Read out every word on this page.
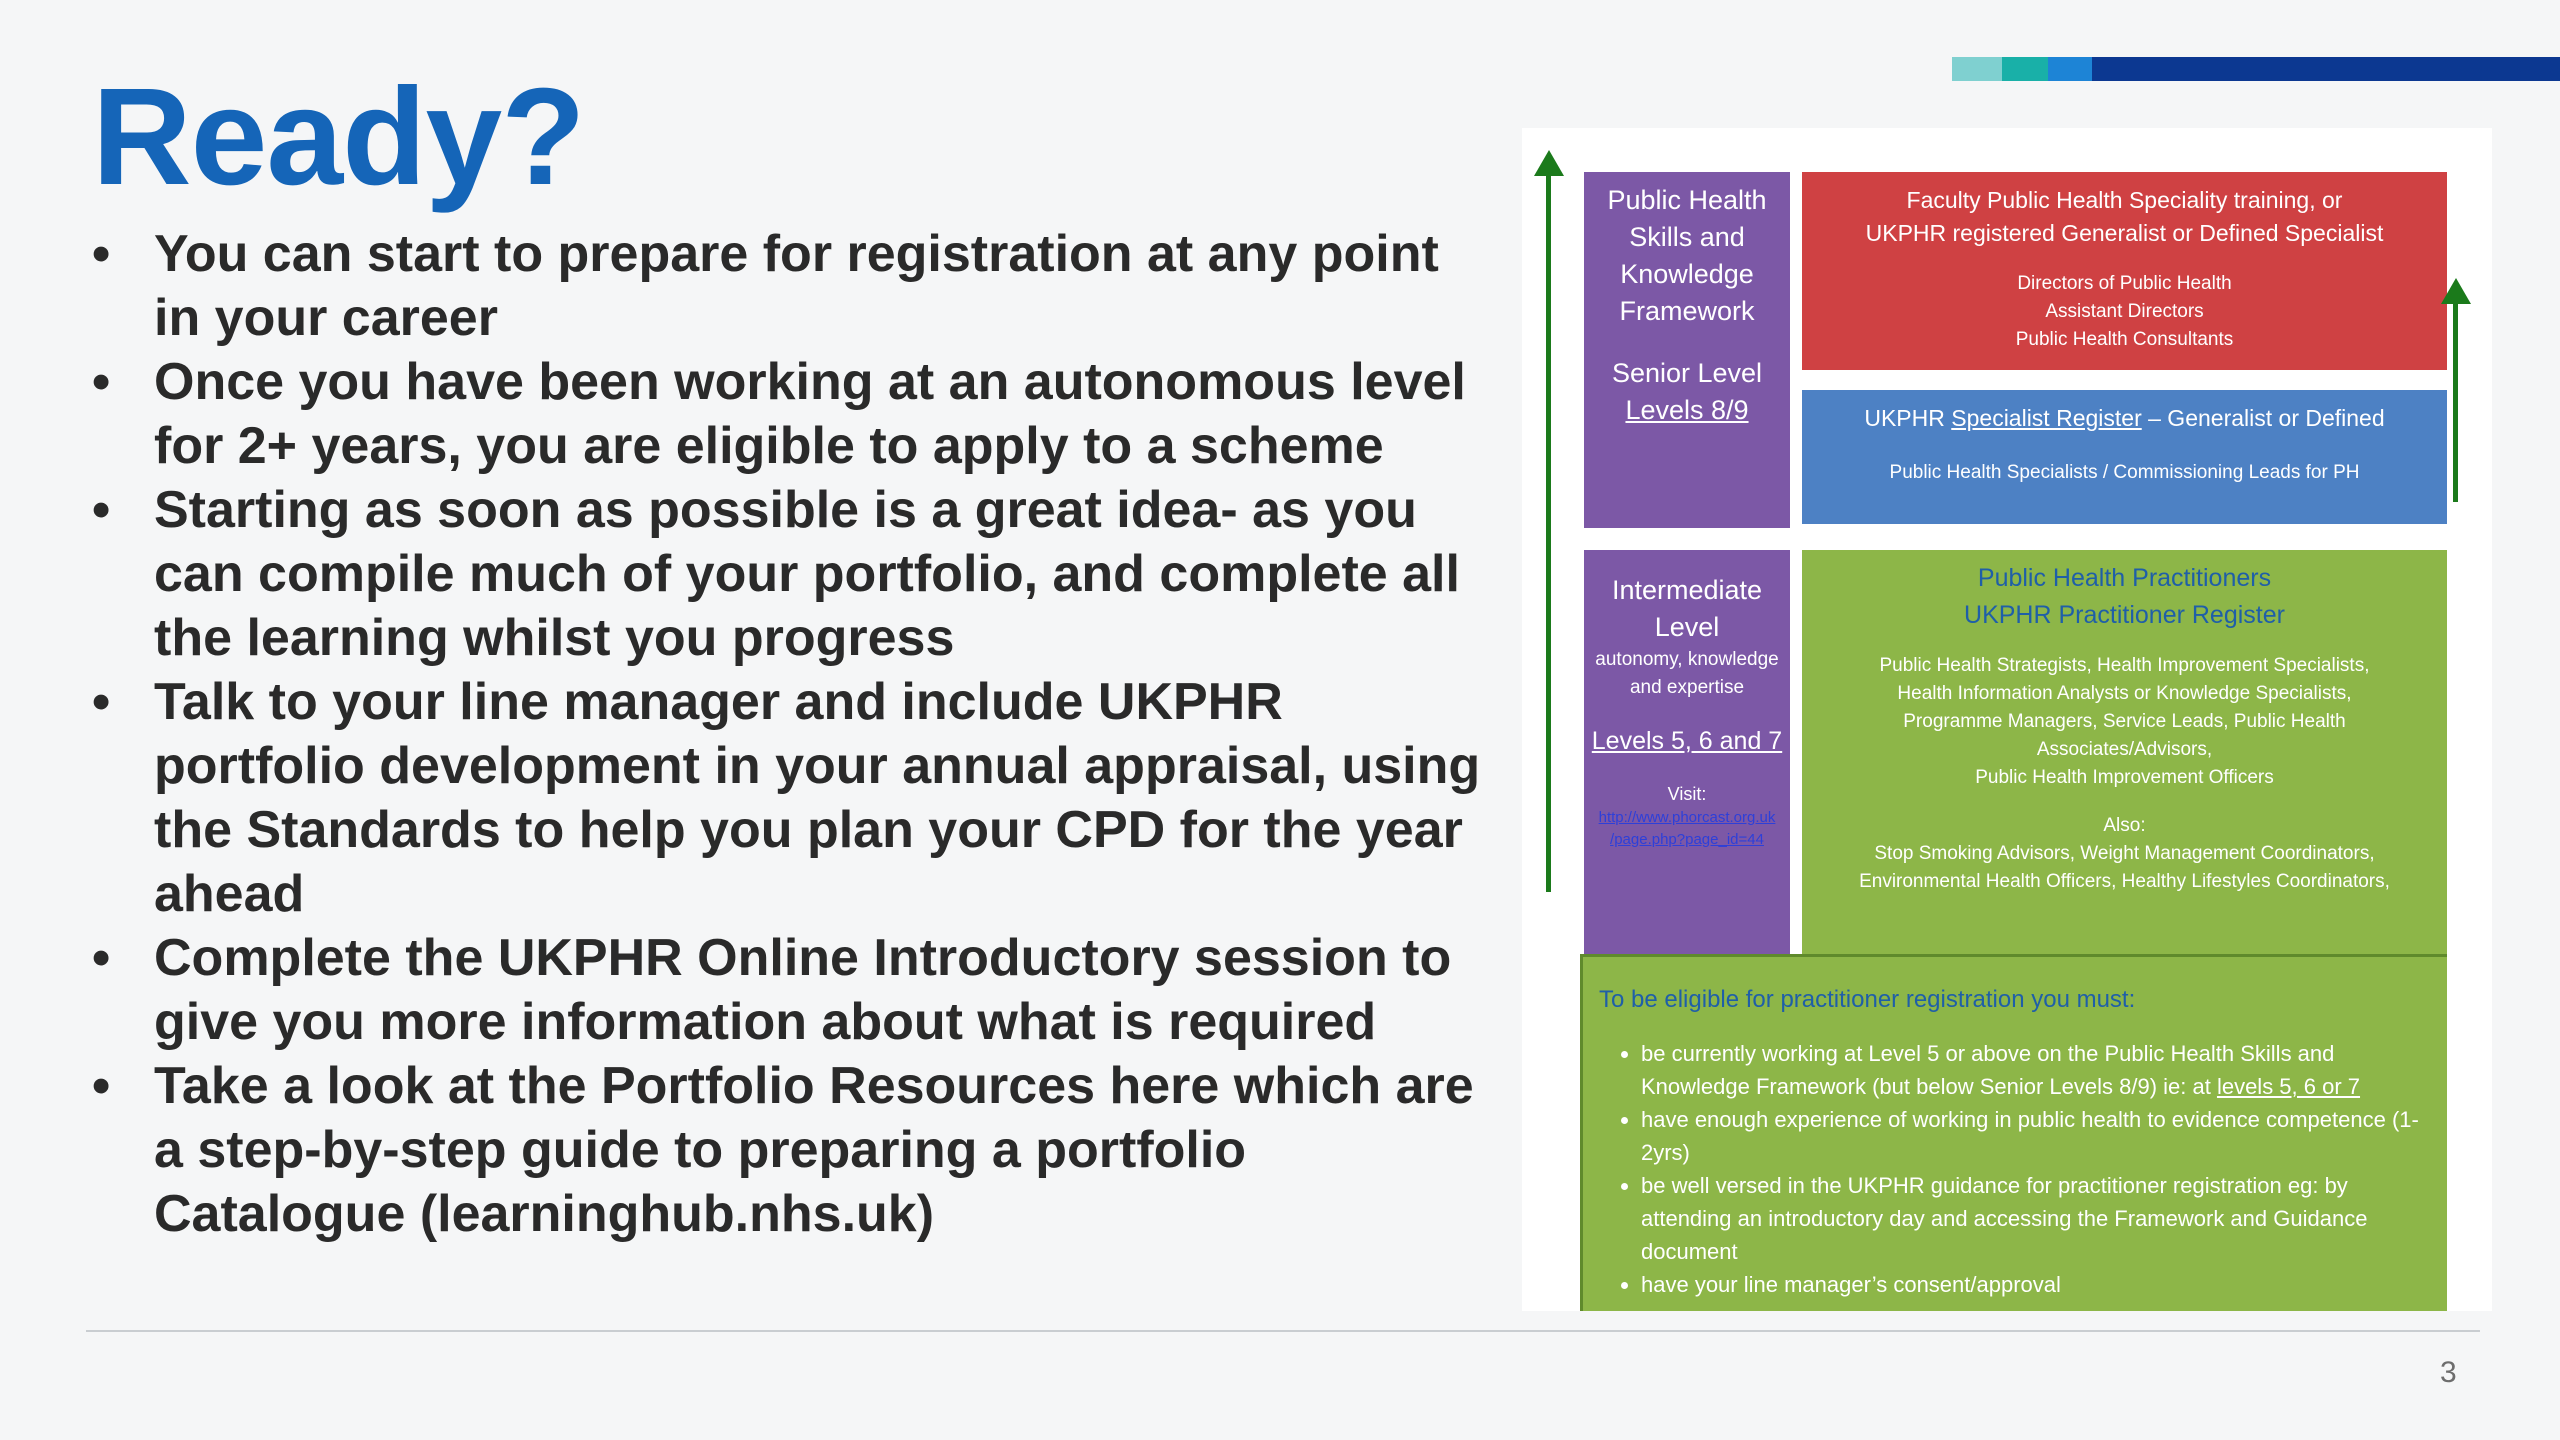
Ready?
• You can start to prepare for registration at any point in your career
• Once you have been working at an autonomous level for 2+ years, you are eligible to apply to a scheme
• Starting as soon as possible is a great idea- as you can compile much of your portfolio, and complete all the learning whilst you progress
• Talk to your line manager and include UKPHR portfolio development in your annual appraisal, using the Standards to help you plan your CPD for the year ahead
• Complete the UKPHR Online Introductory session to give you more information about what is required
• Take a look at the Portfolio Resources here which are a step-by-step guide to preparing a portfolio Catalogue (learninghub.nhs.uk)

Public Health

Skills and

Knowledge

Framework

Senior Level

Levels 8/9

Faculty Public Health Speciality training, or

UKPHR registered Generalist or Defined Specialist

Directors of Public Health

Assistant Directors

Public Health Consultants

UKPHR Specialist Register – Generalist or Defined

Public Health Specialists / Commissioning Leads for PH

Intermediate

Level

autonomy, knowledge

and expertise

Levels 5, 6 and 7

Visit:

http://www.phorcast.org.uk

/page.php?page_id=44

Public Health Practitioners

UKPHR Practitioner Register

Public Health Strategists, Health Improvement Specialists,

Health Information Analysts or Knowledge Specialists,

Programme Managers, Service Leads, Public Health

Associates/Advisors,

Public Health Improvement Officers

Also:

Stop Smoking Advisors, Weight Management Coordinators,

Environmental Health Officers, Healthy Lifestyles Coordinators,

To be eligible for practitioner registration you must:

• be currently working at Level 5 or above on the Public Health Skills and Knowledge Framework (but below Senior Levels 8/9) ie: at levels 5, 6 or 7
• have enough experience of working in public health to evidence competence (1-2yrs)
• be well versed in the UKPHR guidance for practitioner registration eg: by attending an introductory day and accessing the Framework and Guidance document
• have your line manager’s consent/approval
3
